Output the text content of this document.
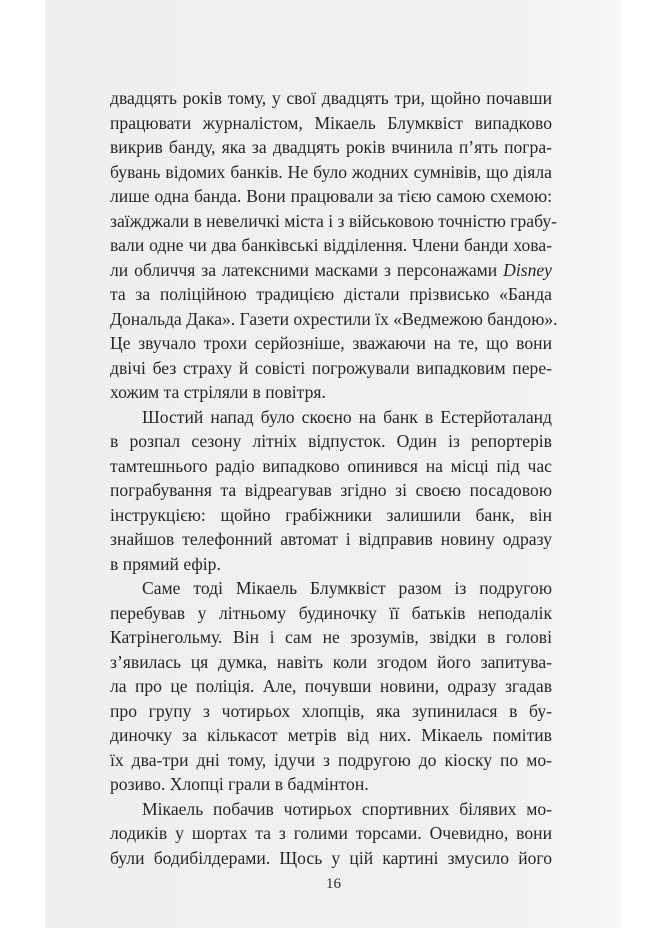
двадцять років тому, у свої двадцять три, щойно почавши
працювати журналістом, Мікаель Блумквіст випадково
викрив банду, яка за двадцять років вчинила п’ять погра-
бувань відомих банків. Не було жодних сумнівів, що діяла
лише одна банда. Вони працювали за тією самою схемою:
заїжджали в невеличкі міста і з військовою точністю грабу-
вали одне чи два банківські відділення. Члени банди хова-
ли обличчя за латексними масками з персонажами Disney
та за поліційною традицією дістали прізвисько «Банда
Дональда Дака». Газети охрестили їх «Ведмежою бандою».
Це звучало трохи серйозніше, зважаючи на те, що вони
двічі без страху й совісті погрожували випадковим пере-
хожим та стріляли в повітря.
Шостий напад було скоєно на банк в Естерйоталанд
в розпал сезону літніх відпусток. Один із репортерів
тамтешнього радіо випадково опинився на місці під час
пограбування та відреагував згідно зі своєю посадовою
інструкцією: щойно грабіжники залишили банк, він
знайшов телефонний автомат і відправив новину одразу
в прямий ефір.
Саме тоді Мікаель Блумквіст разом із подругою
перебував у літньому будиночку її батьків неподалік
Катрінегольму. Він і сам не зрозумів, звідки в голові
з’явилась ця думка, навіть коли згодом його запитува-
ла про це поліція. Але, почувши новини, одразу згадав
про групу з чотирьох хлопців, яка зупинилася в бу-
диночку за кількасот метрів від них. Мікаель помітив
їх два-три дні тому, ідучи з подругою до кіоску по мо-
розиво. Хлопці грали в бадмінтон.
Мікаель побачив чотирьох спортивних білявих мо-
лодиків у шортах та з голими торсами. Очевидно, вони
були бодибілдерами. Щось у цій картині змусило його
16
